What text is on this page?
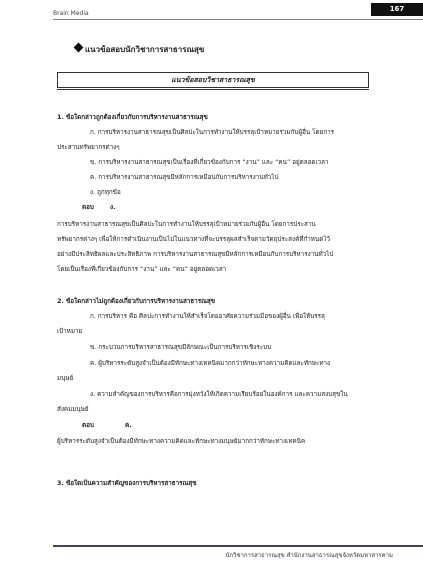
Brain Media
167
แนวข้อสอบนักวิชาการสาธารณสุข
แนวข้อสอบวิชาสาธารณสุข
1. ข้อใดกล่าวถูกต้องเกี่ยวกับการบริหารงานสาธารณสุข
ก. การบริหารงานสาธารณสุขเป็นศิลปะในการทำงานให้บรรลุเป้าหมายร่วมกับผู้อื่น โดยการ
ประสานทรัพยากรต่างๆ
ข. การบริหารงานสาธารณสุขเป็นเรื่องที่เกี่ยวข้องกับการ “งาน” และ “คน” อยู่ตลอดเวลา
ค. การบริหารงานสาธารณสุขมีหลักการเหมือนกับการบริหารงานทั่วไป
ง. ถูกทุกข้อ
ตอบ	ง.
การบริหารงานสาธารณสุขเป็นศิลปะในการทำงานให้บรรลุเป้าหมายร่วมกับผู้อื่น โดยการประสาน
ทรัพยากรต่างๆ เพื่อให้การดำเนินงานเป็นไปในแนวทางที่จะบรรลุผลสำเร็จตามวัตถุประสงค์ที่กำหนดไว้
อย่างมีประสิทธิผลและประสิทธิภาพ การบริหารงานสาธารณสุขมีหลักการเหมือนกับการบริหารงานทั่วไป
โดยเป็นเรื่องที่เกี่ยวข้องกับการ “งาน” และ “คน” อยู่ตลอดเวลา
2. ข้อใดกล่าวไม่ถูกต้องเกี่ยวกับการบริหารงานสาธารณสุข
ก. การบริหาร คือ ศิลปะการทำงานให้สำเร็จโดยอาศัยความร่วมมือของผู้อื่น เพื่อให้บรรลุ
เป้าหมาย
ข. กระบวนการบริหารสาธารณสุขมีลักษณะเป็นการบริหารเชิงระบบ
ค. ผู้บริหารระดับสูงจำเป็นต้องมีทักษะทางเทคนิคมากกว่าทักษะทางความคิดและทักษะทาง
มนุษย์
ง. ความสำคัญของการบริหารคือการมุ่งหวังให้เกิดความเรียบร้อยในองค์การ และความสงบสุขใน
สังคมมนุษย์
ตอบ	ค.
ผู้บริหารระดับสูงจำเป็นต้องมีทักษะทางความคิดและทักษะทางมนุษย์มากกว่าทักษะทางเทคนิค
3. ข้อใดเป็นความสำคัญของการบริหารสาธารณสุข
นักวิชาการสาธารณสุข สำนักงานสาธารณสุขจังหวัดมหาสารคาม
